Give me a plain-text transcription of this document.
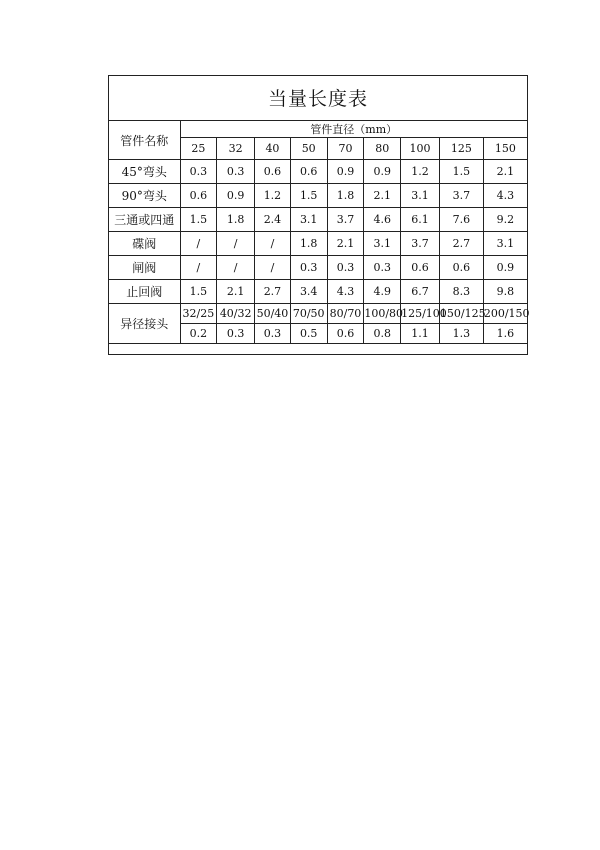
当量长度表
管件名称	管件直径（mm）								
	25	32	40	50	70	80	100	125	150
45°弯头	0.3	0.3	0.6	0.6	0.9	0.9	1.2	1.5	2.1
90°弯头	0.6	0.9	1.2	1.5	1.8	2.1	3.1	3.7	4.3
三通或四通	1.5	1.8	2.4	3.1	3.7	4.6	6.1	7.6	9.2
碟阀	/	/	/	1.8	2.1	3.1	3.7	2.7	3.1
闸阀	/	/	/	0.3	0.3	0.3	0.6	0.6	0.9
止回阀	1.5	2.1	2.7	3.4	4.3	4.9	6.7	8.3	9.8
异径接头	32/25	40/32	50/40	70/50	80/70	100/80	125/100	150/125	200/150
	0.2	0.3	0.3	0.5	0.6	0.8	1.1	1.3	1.6
